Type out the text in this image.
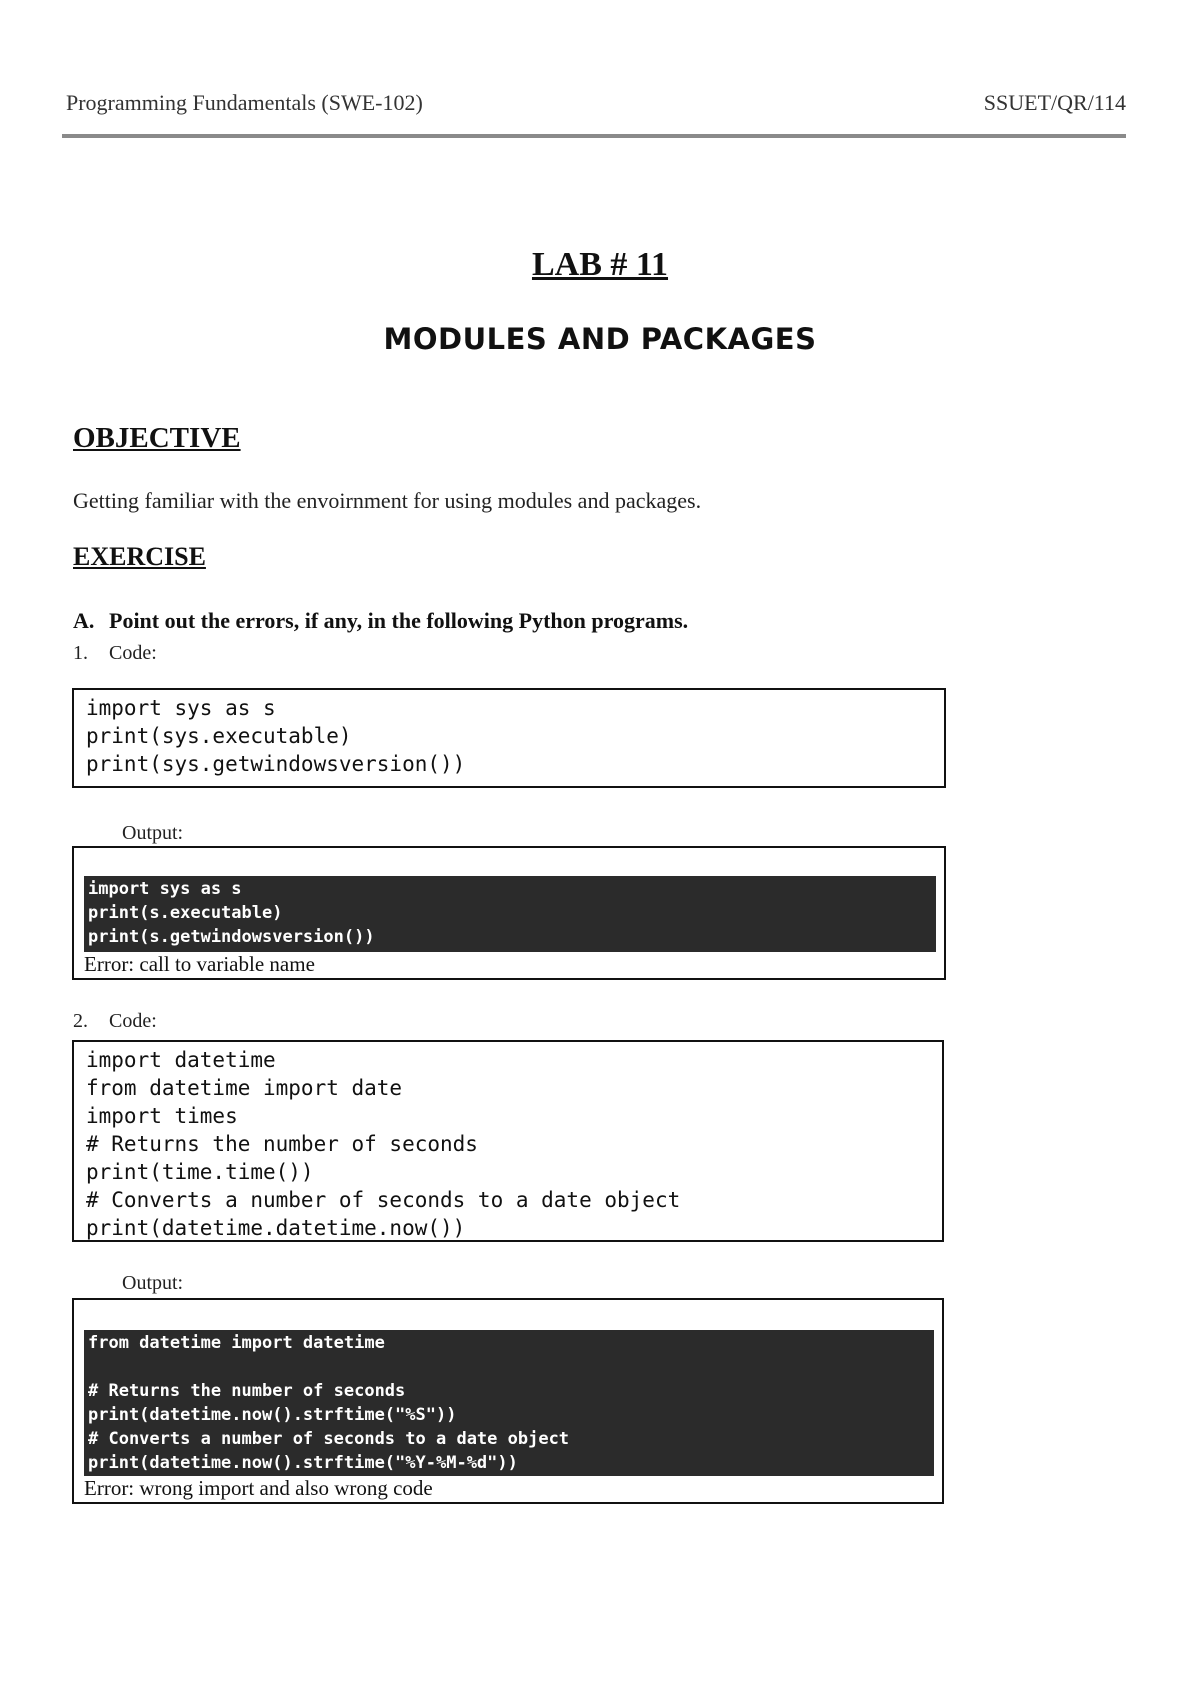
Programming Fundamentals (SWE-102)	SSUET/QR/114
LAB # 11
MODULES AND PACKAGES
OBJECTIVE
Getting familiar with the envoirnment for using modules and packages.
EXERCISE
A. Point out the errors, if any, in the following Python programs.
1. Code:
import sys as s
print(sys.executable)
print(sys.getwindowsversion())
Output:
import sys as s
print(s.executable)
print(s.getwindowsversion())
Error: call to variable name
2. Code:
import datetime
from datetime import date
import times
# Returns the number of seconds
print(time.time())
# Converts a number of seconds to a date object
print(datetime.datetime.now())
Output:
from datetime import datetime
# Returns the number of seconds
print(datetime.now().strftime("%S"))
# Converts a number of seconds to a date object
print(datetime.now().strftime("%Y-%M-%d"))
Error: wrong import and also wrong code
